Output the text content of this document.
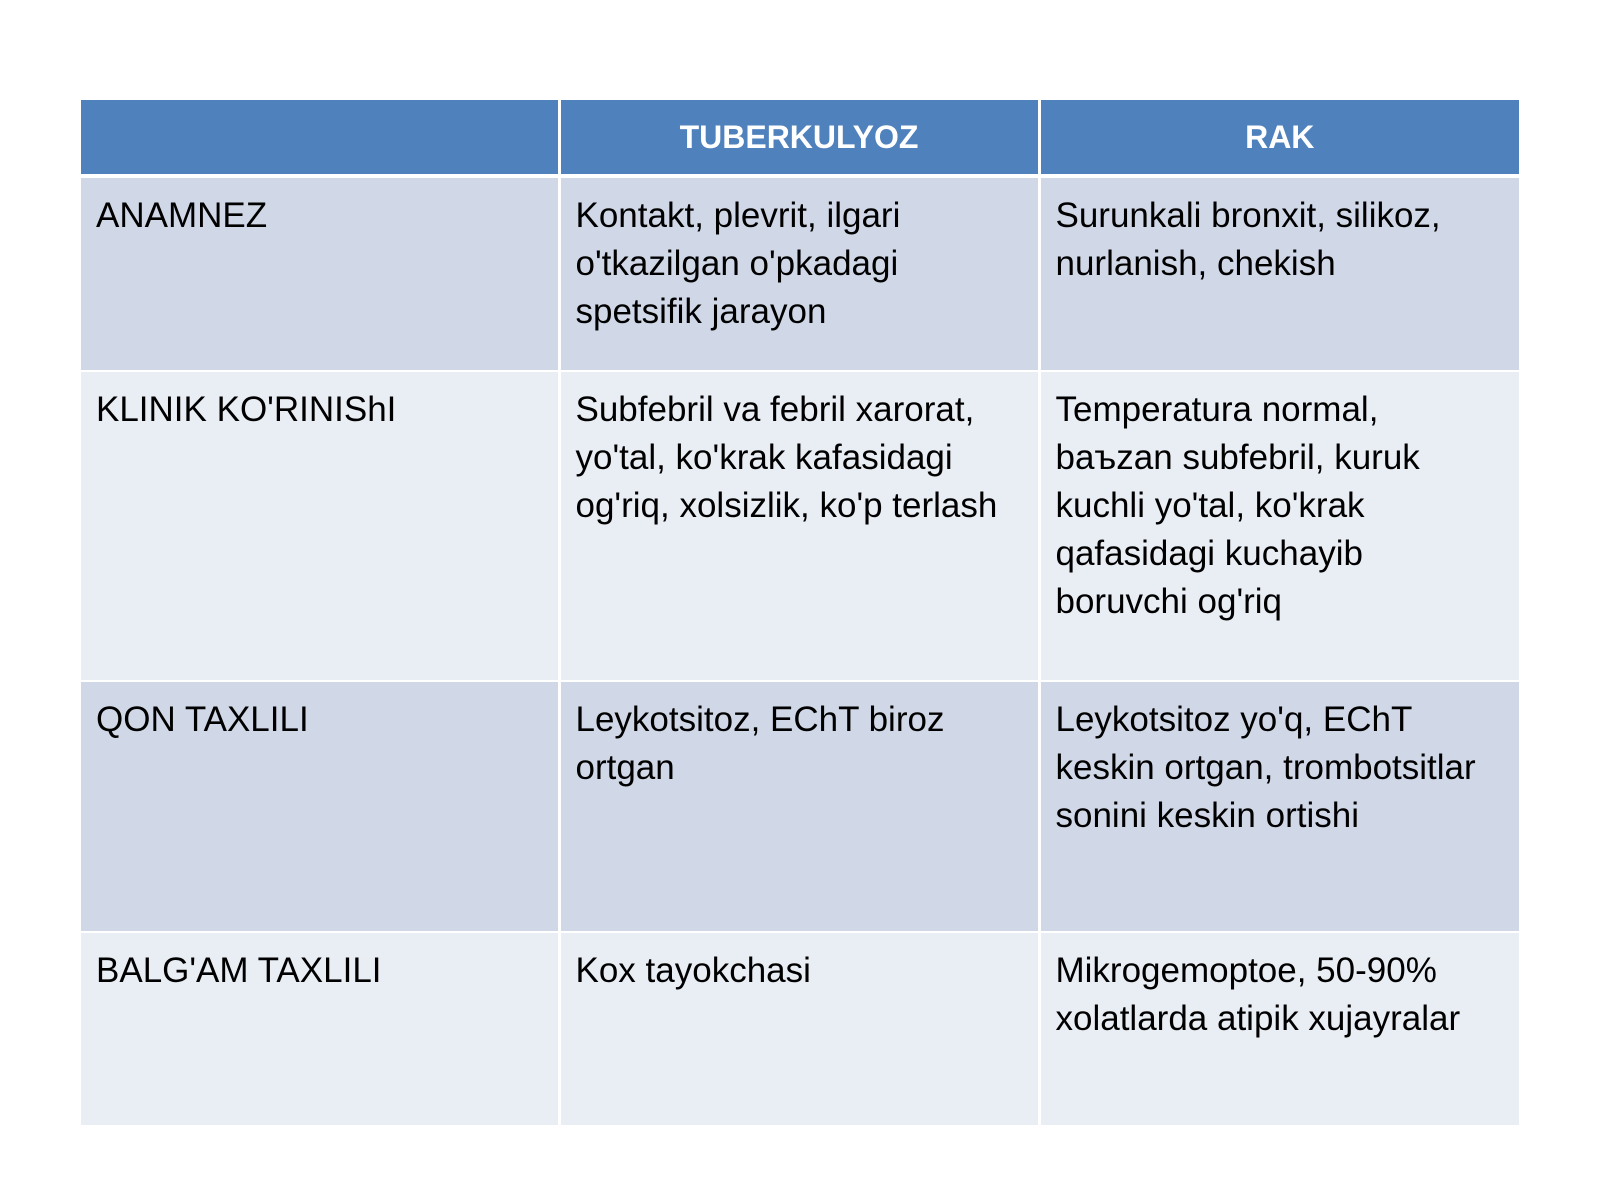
	TUBERKULYOZ	RAK
ANAMNEZ	Kontakt, plevrit, ilgari o'tkazilgan o'pkadagi spetsifik jarayon	Surunkali bronxit, silikoz, nurlanish, chekish
KLINIK KO'RINIShI	Subfebril va febril xarorat, yo'tal, ko'krak kafasidagi og'riq, xolsizlik, ko'p terlash	Temperatura normal, baъzan subfebril, kuruk kuchli yo'tal, ko'krak qafasidagi kuchayib boruvchi og'riq
QON TAXLILI	Leykotsitoz, EChT biroz ortgan	Leykotsitoz yo'q, EChT keskin ortgan, trombotsitlar sonini keskin ortishi
BALG'AM TAXLILI	Kox tayokchasi	Mikrogemoptoe, 50-90% xolatlarda atipik xujayralar
